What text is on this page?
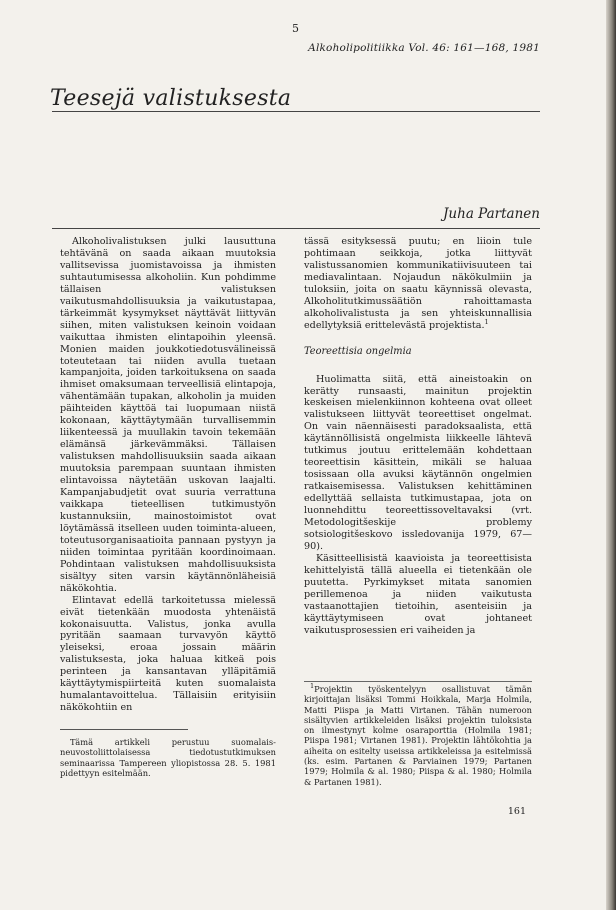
5
Alkoholipolitiikka Vol. 46: 161—168, 1981
Teesejä valistuksesta
Juha Partanen

Alkoholivalistuksen julki lausuttuna tehtävänä on saada aikaan muutoksia vallitsevissa juomistavoissa ja ihmisten suhtautumisessa alkoholiin. Kun pohdimme tällaisen valistuksen vaikutusmahdollisuuksia ja vaikutustapaa, tärkeimmät kysymykset näyttävät liittyvän siihen, miten valistuksen keinoin voidaan vaikuttaa ihmisten elintapoihin yleensä. Monien maiden joukkotiedotusvälineissä toteutetaan tai niiden avulla tuetaan kampanjoita, joiden tarkoituksena on saada ihmiset omaksumaan terveellisiä elintapoja, vähentämään tupakan, alkoholin ja muiden päihteiden käyttöä tai luopumaan niistä kokonaan, käyttäytymään turvallisemmin liikenteessä ja muullakin tavoin tekemään elämänsä järkevämmäksi. Tällaisen valistuksen mahdollisuuksiin saada aikaan muutoksia parempaan suuntaan ihmisten elintavoissa näytetään uskovan laajalti. Kampanjabudjetit ovat suuria verrattuna vaikkapa tieteellisen tutkimustyön kustannuksiin, mainostoimistot ovat löytämässä itselleen uuden toiminta-alueen, toteutusorganisaatioita pannaan pystyyn ja niiden toimintaa pyritään koordinoimaan. Pohdintaan valistuksen mahdollisuuksista sisältyy siten varsin käytännönläheisiä näkökohtia.

Elintavat edellä tarkoitetussa mielessä eivät tietenkään muodosta yhtenäistä kokonaisuutta. Valistus, jonka avulla pyritään saamaan turvavyön käyttö yleiseksi, eroaa jossain määrin valistuksesta, joka haluaa kitkeä pois perinteen ja kansantavan ylläpitämiä käyttäytymispiirteitä kuten suomalaista humalantavoittelua. Tällaisiin erityisiin näkökohtiin en

Tämä artikkeli perustuu suomalais-neuvostoliittolaisessa tiedotustutkimuksen seminaarissa Tampereen yliopistossa 28. 5. 1981 pidettyyn esitelmään.

tässä esityksessä puutu; en liioin tule pohtimaan seikkoja, jotka liittyvät valistussanomien kommunikatiivisuuteen tai mediavalintaan. Nojaudun näkökulmiin ja tuloksiin, joita on saatu käynnissä olevasta, Alkoholitutkimussäätiön rahoittamasta alkoholivalistusta ja sen yhteiskunnallisia edellytyksiä erittelevästä projektista.$^1$

Teoreettisia ongelmia

Huolimatta siitä, että aineistoakin on kerätty runsaasti, mainitun projektin keskeisen mielenkiinnon kohteena ovat olleet valistukseen liittyvät teoreettiset ongelmat. On vain näennäisesti paradoksaalista, että käytännöllisistä ongelmista liikkeelle lähtevä tutkimus joutuu erittelemään kohdettaan teoreettisin käsittein, mikäli se haluaa tosissaan olla avuksi käytännön ongelmien ratkaisemisessa. Valistuksen kehittäminen edellyttää sellaista tutkimustapaa, jota on luonnehdittu teoreettissoveltavaksi (vrt. Metodologitšeskije problemy sotsiologitšeskovo issledovanija 1979, 67—90).

Käsitteellisistä kaavioista ja teoreettisista kehittelyistä tällä alueella ei tietenkään ole puutetta. Pyrkimykset mitata sanomien perillemenoa ja niiden vaikutusta vastaanottajien tietoihin, asenteisiin ja käyttäytymiseen ovat johtaneet vaikutusprosessien eri vaiheiden ja

$^1$Projektin työskentelyyn osallistuvat tämän kirjoittajan lisäksi Tommi Hoikkala, Marja Holmila, Matti Piispa ja Matti Virtanen. Tähän numeroon sisältyvien artikkeleiden lisäksi projektin tuloksista on ilmestynyt kolme osaraporttia (Holmila 1981; Piispa 1981; Virtanen 1981). Projektin lähtökohtia ja aiheita on esitelty useissa artikkeleissa ja esitelmissä (ks. esim. Partanen & Parviainen 1979; Partanen 1979; Holmila & al. 1980; Piispa & al. 1980; Holmila & Partanen 1981).

161
